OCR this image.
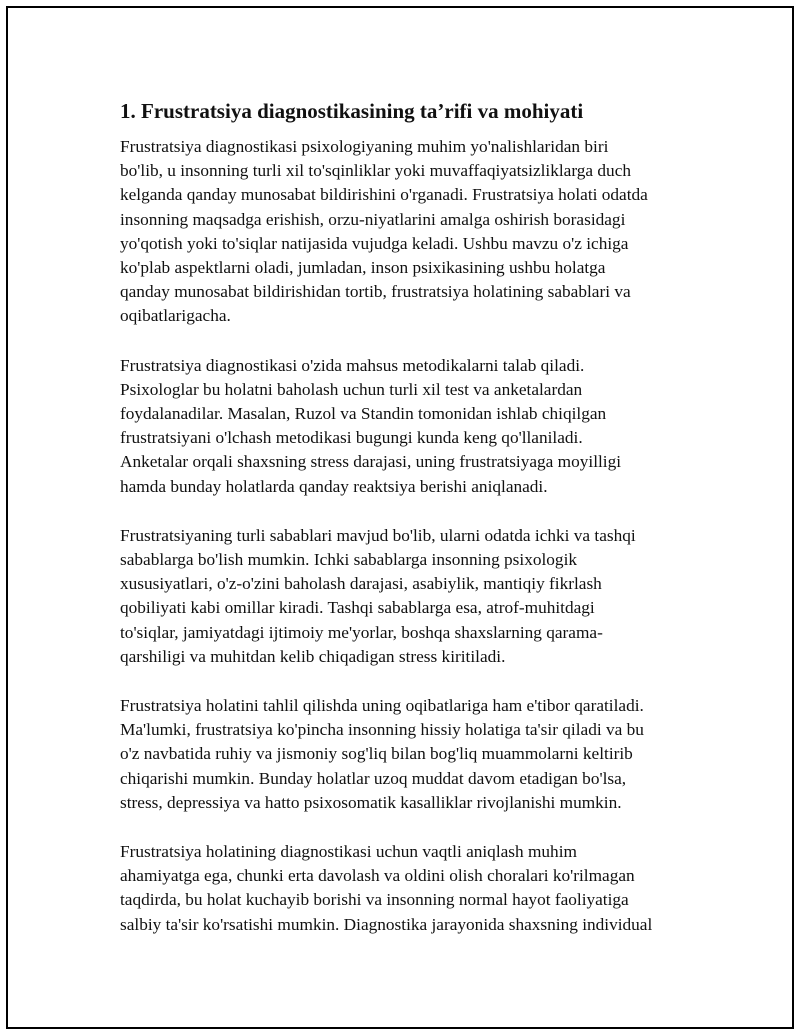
1. Frustratsiya diagnostikasining ta’rifi va mohiyati

Frustratsiya diagnostikasi psixologiyaning muhim yo'nalishlaridan biri
bo'lib, u insonning turli xil to'sqinliklar yoki muvaffaqiyatsizliklarga duch
kelganda qanday munosabat bildirishini o'rganadi. Frustratsiya holati odatda
insonning maqsadga erishish, orzu-niyatlarini amalga oshirish borasidagi
yo'qotish yoki to'siqlar natijasida vujudga keladi. Ushbu mavzu o'z ichiga
ko'plab aspektlarni oladi, jumladan, inson psixikasining ushbu holatga
qanday munosabat bildirishidan tortib, frustratsiya holatining sabablari va
oqibatlarigacha.

Frustratsiya diagnostikasi o'zida mahsus metodikalarni talab qiladi.
Psixologlar bu holatni baholash uchun turli xil test va anketalardan
foydalanadilar. Masalan, Ruzol va Standin tomonidan ishlab chiqilgan
frustratsiyani o'lchash metodikasi bugungi kunda keng qo'llaniladi.
Anketalar orqali shaxsning stress darajasi, uning frustratsiyaga moyilligi
hamda bunday holatlarda qanday reaktsiya berishi aniqlanadi.

Frustratsiyaning turli sabablari mavjud bo'lib, ularni odatda ichki va tashqi
sabablarga bo'lish mumkin. Ichki sabablarga insonning psixologik
xususiyatlari, o'z-o'zini baholash darajasi, asabiylik, mantiqiy fikrlash
qobiliyati kabi omillar kiradi. Tashqi sabablarga esa, atrof-muhitdagi
to'siqlar, jamiyatdagi ijtimoiy me'yorlar, boshqa shaxslarning qarama-
qarshiligi va muhitdan kelib chiqadigan stress kiritiladi.

Frustratsiya holatini tahlil qilishda uning oqibatlariga ham e'tibor qaratiladi.
Ma'lumki, frustratsiya ko'pincha insonning hissiy holatiga ta'sir qiladi va bu
o'z navbatida ruhiy va jismoniy sog'liq bilan bog'liq muammolarni keltirib
chiqarishi mumkin. Bunday holatlar uzoq muddat davom etadigan bo'lsa,
stress, depressiya va hatto psixosomatik kasalliklar rivojlanishi mumkin.

Frustratsiya holatining diagnostikasi uchun vaqtli aniqlash muhim
ahamiyatga ega, chunki erta davolash va oldini olish choralari ko'rilmagan
taqdirda, bu holat kuchayib borishi va insonning normal hayot faoliyatiga
salbiy ta'sir ko'rsatishi mumkin. Diagnostika jarayonida shaxsning individual
